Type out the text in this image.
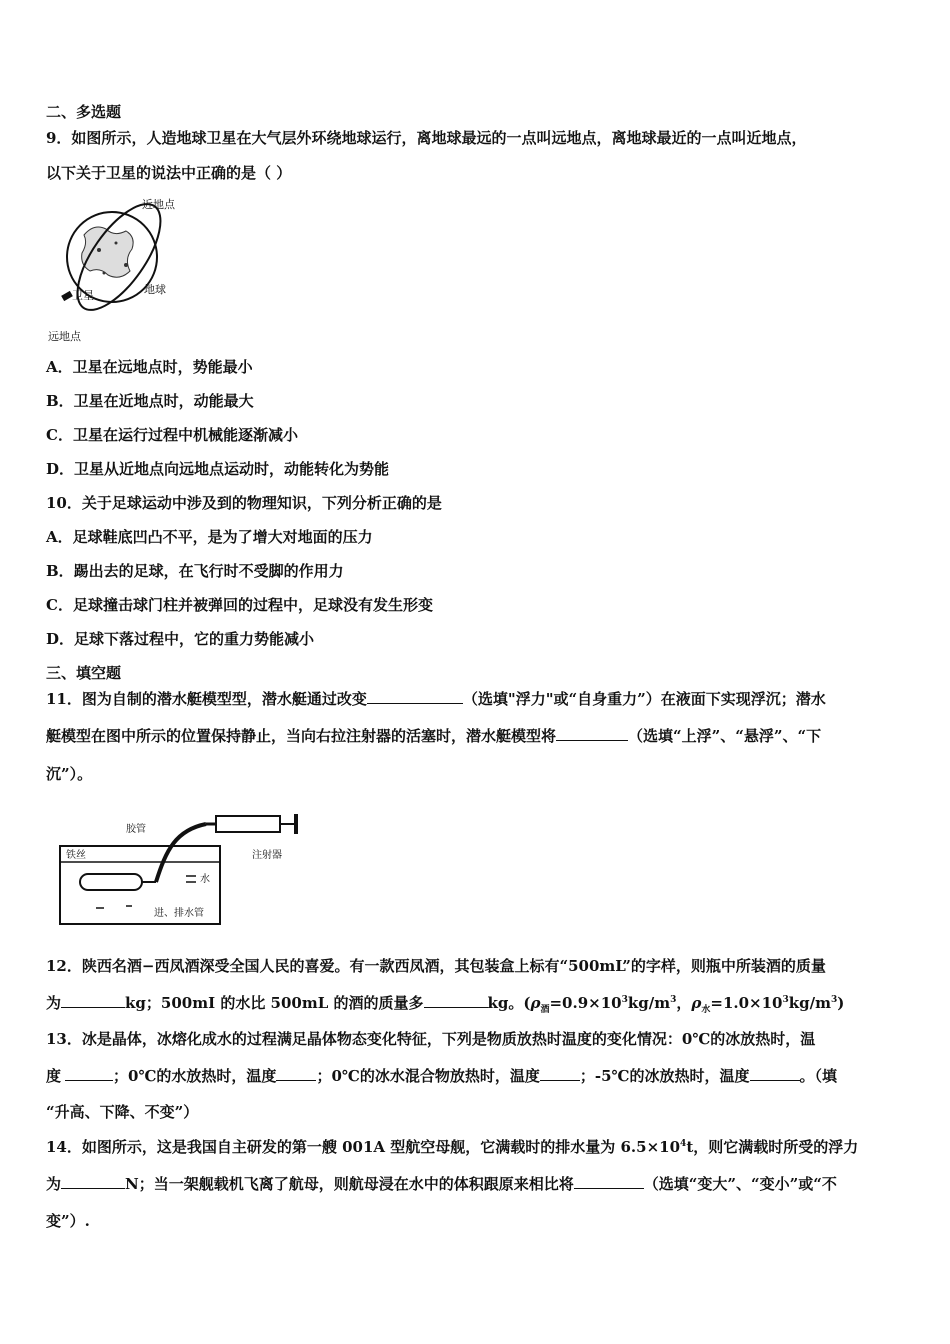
二、多选题
9．如图所示，人造地球卫星在大气层外环绕地球运行，离地球最远的一点叫远地点，离地球最近的一点叫近地点，
以下关于卫星的说法中正确的是（ ）
近地点
地球
卫星
远地点
A．卫星在远地点时，势能最小
B．卫星在近地点时，动能最大
C．卫星在运行过程中机械能逐渐减小
D．卫星从近地点向远地点运动时，动能转化为势能
10．关于足球运动中涉及到的物理知识，下列分析正确的是
A．足球鞋底凹凸不平，是为了增大对地面的压力
B．踢出去的足球，在飞行时不受脚的作用力
C．足球撞击球门柱并被弹回的过程中，足球没有发生形变
D．足球下落过程中，它的重力势能减小
三、填空题
11．图为自制的潜水艇模型型，潜水艇通过改变	（选填"浮力"或“自身重力”）在液面下实现浮沉；潜水
艇模型在图中所示的位置保持静止，当向右拉注射器的活塞时，潜水艇模型将	（选填“上浮”、“悬浮”、“下
沉”）。
胶管
注射器
铁丝
水
进、排水管
12．陕西名酒−西凤酒深受全国人民的喜爱。有一款西凤酒，其包装盒上标有“500mL”的字样，则瓶中所装酒的质量
为	kg；500mI 的水比 500mL 的酒的质量多	kg。($\rho_酒=0.9\times 10^3kg/m^3$，$\rho_水=1.0\times 10^3kg/m^3$)
13．冰是晶体，冰熔化成水的过程满足晶体物态变化特征，下列是物质放热时温度的变化情况：0℃的冰放热时，温
度	；0℃的水放热时，温度	；0℃的冰水混合物放热时，温度	；-5℃的冰放热时，温度	。（填
“升高、下降、不变”）
14．如图所示，这是我国自主研发的第一艘 001A 型航空母舰，它满载时的排水量为 $6.5\times 10^4t$，则它满载时所受的浮力
为	N；当一架舰载机飞离了航母，则航母浸在水中的体积跟原来相比将	（选填“变大”、“变小”或“不
变”）.
